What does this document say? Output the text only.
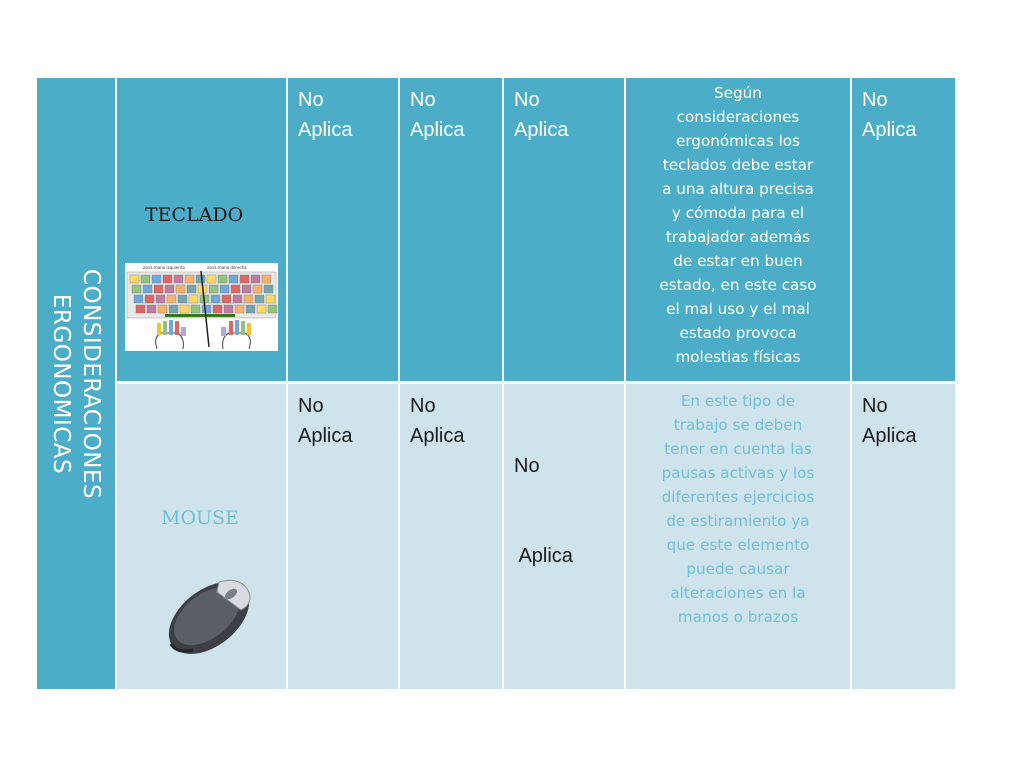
CONSIDERACIONES
ERGONOMICAS
TECLADO
zona mano izquierda	zona mano derecha
No
Aplica
No
Aplica
No
Aplica
Según
consideraciones
ergonómicas los
teclados debe estar
a una altura precisa
y cómoda para el
trabajador además
de estar en buen
estado, en este caso
el mal uso y el mal
estado provoca
molestias físicas
No
Aplica
MOUSE
No
Aplica
No
Aplica

No

Aplica

En este tipo de
trabajo se deben
tener en cuenta las
pausas activas y los
diferentes ejercicios
de estiramiento ya
que este elemento
puede causar
alteraciones en la
manos o brazos
No
Aplica
